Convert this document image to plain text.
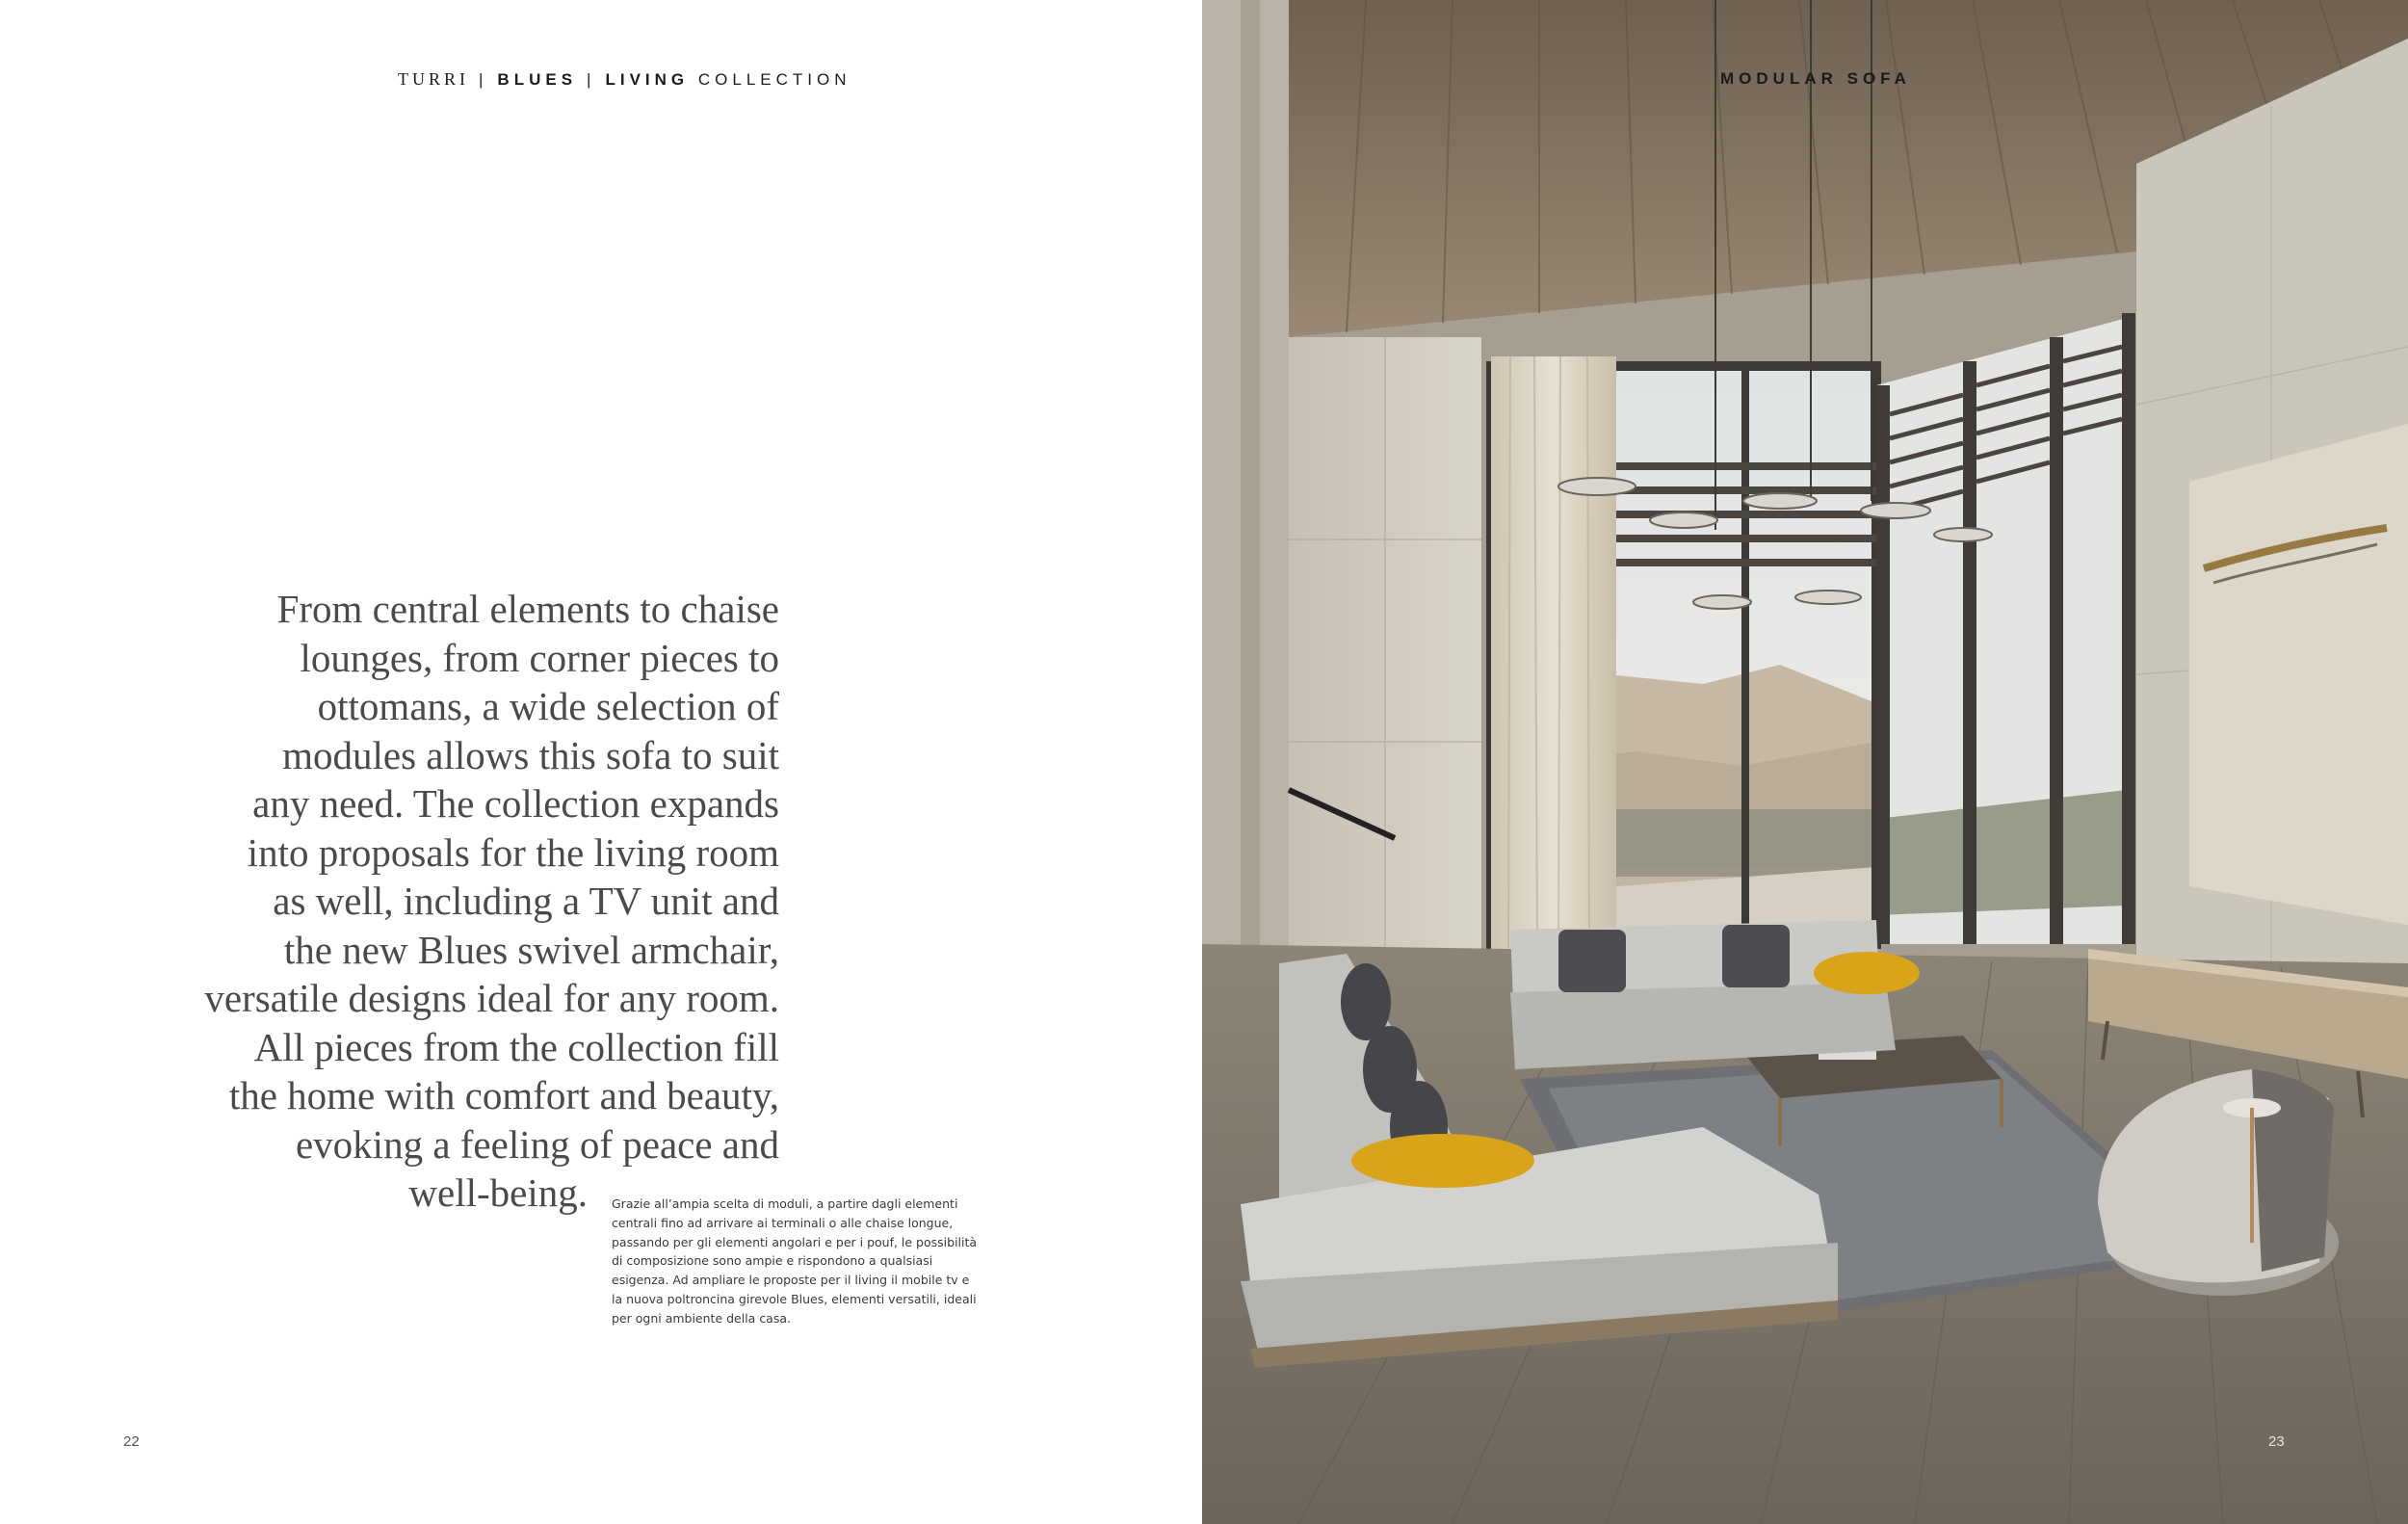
TURRI | BLUES | LIVING COLLECTION
From central elements to chaise
lounges, from corner pieces to
ottomans, a wide selection of
modules allows this sofa to suit
any need. The collection expands
into proposals for the living room
as well, including a TV unit and
the new Blues swivel armchair,
versatile designs ideal for any room.
All pieces from the collection fill
the home with comfort and beauty,
evoking a feeling of peace and
well-being.	Grazie all’ampia scelta di moduli, a partire dagli elementi
centrali fino ad arrivare ai terminali o alle chaise longue,
passando per gli elementi angolari e per i pouf, le possibilità
di composizione sono ampie e rispondono a qualsiasi
esigenza. Ad ampliare le proposte per il living il mobile tv e
la nuova poltroncina girevole Blues, elementi versatili, ideali
per ogni ambiente della casa.
22
MODULAR SOFA
23
